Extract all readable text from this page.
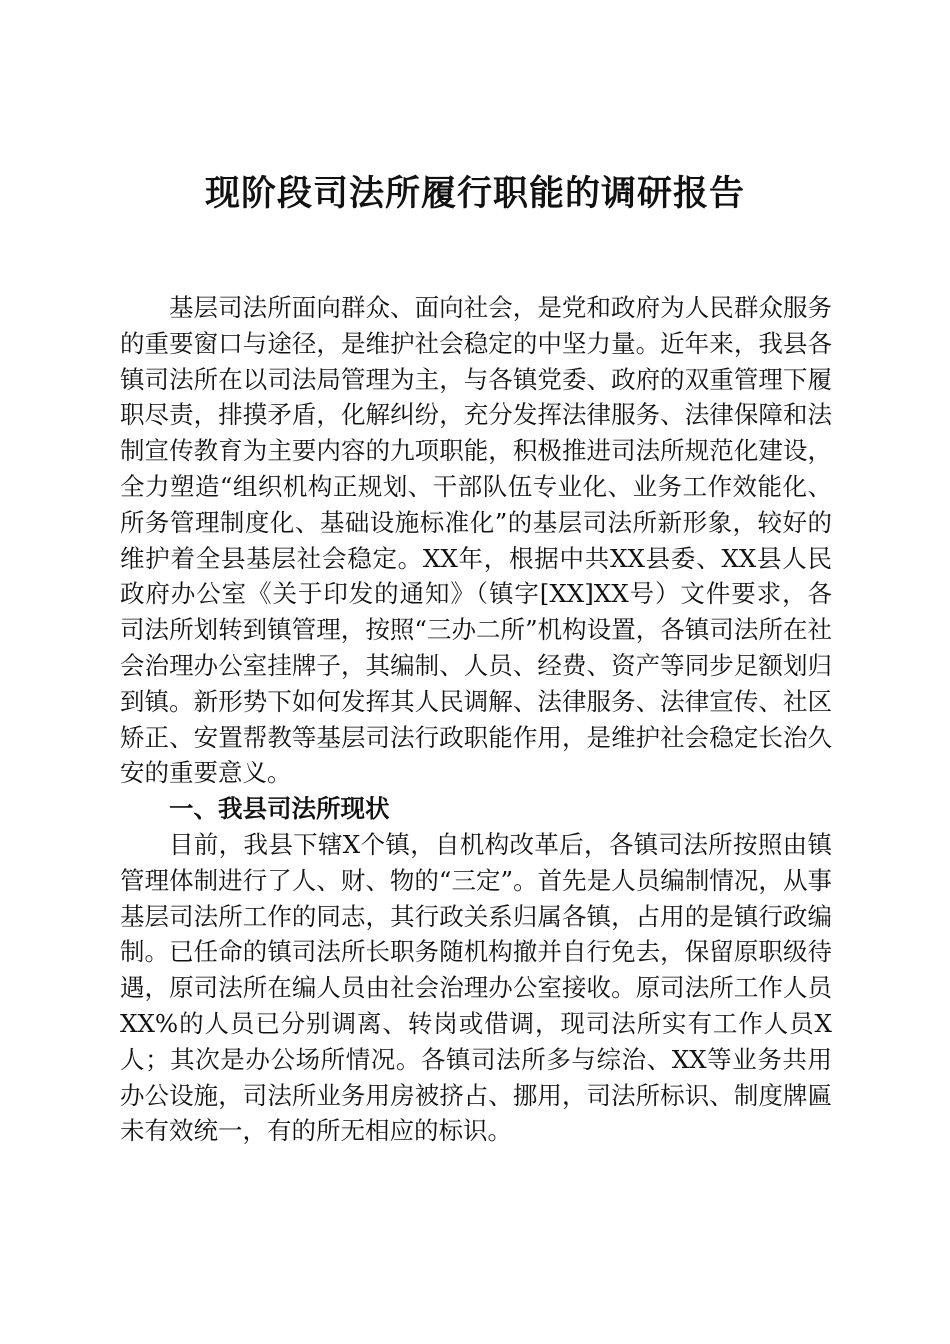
现阶段司法所履行职能的调研报告

基层司法所面向群众、面向社会，是党和政府为人民群众服务的重要窗口与途径，是维护社会稳定的中坚力量。近年来，我县各镇司法所在以司法局管理为主，与各镇党委、政府的双重管理下履职尽责，排摸矛盾，化解纠纷，充分发挥法律服务、法律保障和法制宣传教育为主要内容的九项职能，积极推进司法所规范化建设，全力塑造“组织机构正规划、干部队伍专业化、业务工作效能化、所务管理制度化、基础设施标准化”的基层司法所新形象，较好的维护着全县基层社会稳定。XX年，根据中共XX县委、XX县人民政府办公室《关于印发的通知》（镇字[XX]XX号）文件要求，各司法所划转到镇管理，按照“三办二所”机构设置，各镇司法所在社会治理办公室挂牌子，其编制、人员、经费、资产等同步足额划归到镇。新形势下如何发挥其人民调解、法律服务、法律宣传、社区矫正、安置帮教等基层司法行政职能作用，是维护社会稳定长治久安的重要意义。

一、我县司法所现状

目前，我县下辖X个镇，自机构改革后，各镇司法所按照由镇管理体制进行了人、财、物的“三定”。首先是人员编制情况，从事基层司法所工作的同志，其行政关系归属各镇，占用的是镇行政编制。已任命的镇司法所长职务随机构撤并自行免去，保留原职级待遇，原司法所在编人员由社会治理办公室接收。原司法所工作人员XX%的人员已分别调离、转岗或借调，现司法所实有工作人员X人；其次是办公场所情况。各镇司法所多与综治、XX等业务共用办公设施，司法所业务用房被挤占、挪用，司法所标识、制度牌匾未有效统一，有的所无相应的标识。
